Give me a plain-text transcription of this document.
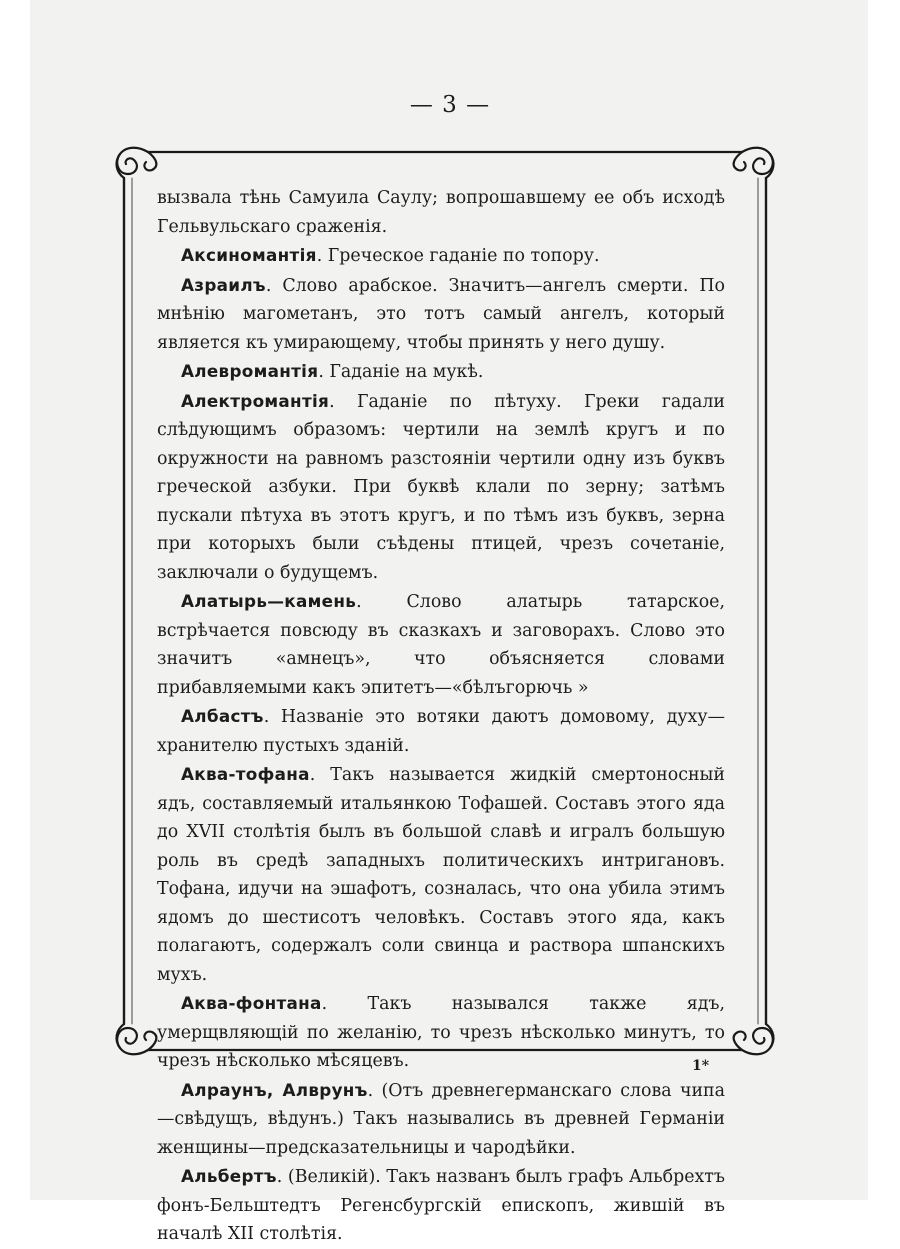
— 3 —

вызвала тѣнь Самуила Саулу; вопрошавшему ее объ исходѣ Гельвульскаго сраженія.

Аксиномантія. Греческое гаданіе по топору.

Азраилъ. Слово арабское. Значитъ—ангелъ смерти. По мнѣнію магометанъ, это тотъ самый ангелъ, который является къ умирающему, чтобы принять у него душу.

Алевромантія. Гаданіе на мукѣ.

Алектромантія. Гаданіе по пѣтуху. Греки гадали слѣдующимъ образомъ: чертили на землѣ кругъ и по окружности на равномъ разстояніи чертили одну изъ буквъ греческой азбуки. При буквѣ клали по зерну; затѣмъ пускали пѣтуха въ этотъ кругъ, и по тѣмъ изъ буквъ, зерна при которыхъ были съѣдены птицей, чрезъ сочетаніе, заключали о будущемъ.

Алатырь—камень. Слово алатырь татарское, встрѣчается повсюду въ сказкахъ и заговорахъ. Слово это значитъ «амнецъ», что объясняется словами прибавляемыми какъ эпитетъ—«бѣлъгорючь »

Албастъ. Названіе это вотяки даютъ домовому, духу—хранителю пустыхъ зданій.

Аква-тофана. Такъ называется жидкій смертоносный ядъ, составляемый итальянкою Тофашей. Составъ этого яда до XVII столѣтія былъ въ большой славѣ и игралъ большую роль въ средѣ западныхъ политическихъ интригановъ. Тофана, идучи на эшафотъ, созналась, что она убила этимъ ядомъ до шестисотъ человѣкъ. Составъ этого яда, какъ полагаютъ, содержалъ соли свинца и раствора шпанскихъ мухъ.

Аква-фонтана. Такъ назывался также ядъ, умерщвляющій по желанію, то чрезъ нѣсколько минутъ, то чрезъ нѣсколько мѣсяцевъ.

Алраунъ, Алврунъ. (Отъ древнегерманскаго слова чипа—свѣдущъ, вѣдунъ.) Такъ назывались въ древней Германіи женщины—предсказательницы и чародѣйки.

Альбертъ. (Великій). Такъ названъ былъ графъ Альбрехтъ фонъ-Бельштедтъ Регенсбургскій епископъ, жившій въ началѣ XII столѣтія.

1*
